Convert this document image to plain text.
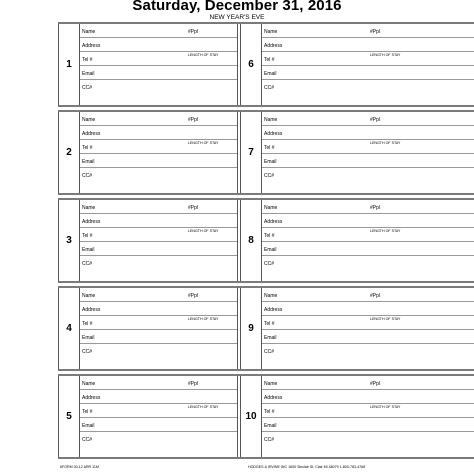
Saturday, December 31, 2016
NEW YEAR'S EVE
1
Name	#Ppl
Address
Tel #
LENGTH OF STAY
Email
CC#
6
Name	#Ppl
Address
Tel #
LENGTH OF STAY
Email
CC#
2
Name	#Ppl
Address
Tel #
LENGTH OF STAY
Email
CC#
7
Name	#Ppl
Address
Tel #
LENGTH OF STAY
Email
CC#
3
Name	#Ppl
Address
Tel #
LENGTH OF STAY
Email
CC#
8
Name	#Ppl
Address
Tel #
LENGTH OF STAY
Email
CC#
4
Name	#Ppl
Address
Tel #
LENGTH OF STAY
Email
CC#
9
Name	#Ppl
Address
Tel #
LENGTH OF STAY
Email
CC#
5
Name	#Ppl
Address
Tel #
LENGTH OF STAY
Email
CC#
10
Name	#Ppl
Address
Tel #
LENGTH OF STAY
Email
CC#
6FORM 30-12 ARR 11M	HODGES & IRVINE INC 1600 Sinclair St. Clair MI 48079 1-800-783-4768
